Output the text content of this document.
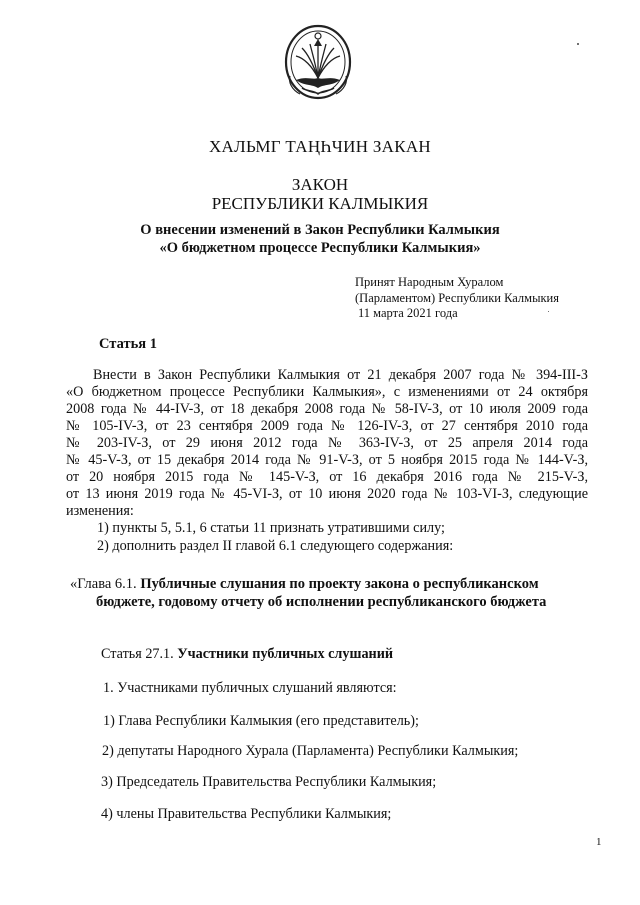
ХАЛЬМГ ТАҢҺЧИН ЗАКАН
ЗАКОН
РЕСПУБЛИКИ КАЛМЫКИЯ
О внесении изменений в Закон Республики Калмыкия
«О бюджетном процессе Республики Калмыкия»
Принят Народным Хуралом
(Парламентом) Республики Калмыкия
11 марта 2021 года
Статья 1
Внести в Закон Республики Калмыкия от 21 декабря 2007 года № 394-III-З
«О бюджетном процессе Республики Калмыкия», с изменениями от 24 октября
2008 года № 44-IV-З, от 18 декабря 2008 года № 58-IV-З, от 10 июля 2009 года
№ 105-IV-З, от 23 сентября 2009 года № 126-IV-З, от 27 сентября 2010 года
№ 203-IV-З, от 29 июня 2012 года № 363-IV-З, от 25 апреля 2014 года
№ 45-V-З, от 15 декабря 2014 года № 91-V-З, от 5 ноября 2015 года № 144-V-З,
от 20 ноября 2015 года № 145-V-З, от 16 декабря 2016 года № 215-V-З,
от 13 июня 2019 года № 45-VI-З, от 10 июня 2020 года № 103-VI-З, следующие
изменения:
1) пункты 5, 5.1, 6 статьи 11 признать утратившими силу;
2) дополнить раздел II главой 6.1 следующего содержания:
«Глава 6.1. Публичные слушания по проекту закона о республиканском
бюджете, годовому отчету об исполнении республиканского бюджета
Статья 27.1. Участники публичных слушаний
1. Участниками публичных слушаний являются:
1) Глава Республики Калмыкия (его представитель);
2) депутаты Народного Хурала (Парламента) Республики Калмыкия;
3) Председатель Правительства Республики Калмыкия;
4) члены Правительства Республики Калмыкия;
1
